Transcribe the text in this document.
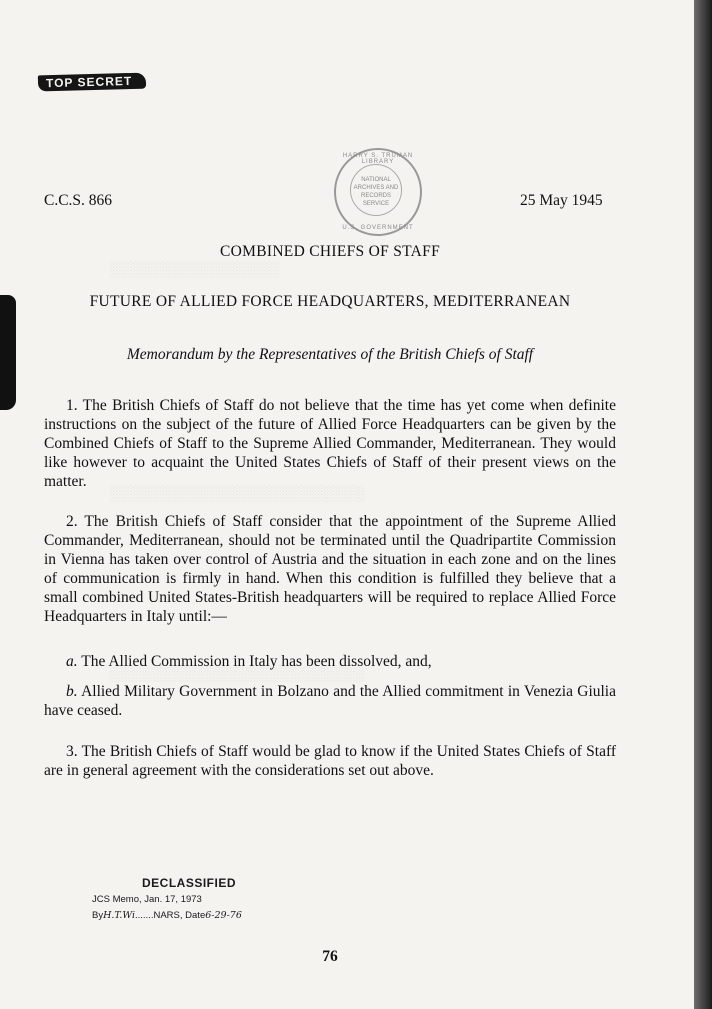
░░░░░░░░░░░░░░░░
░░░░░░░░░░░░░░░░░░░░░░░░
░░░░░░░░░░░░░░░░░░░░░░░░
TOP SECRET
HARRY S. TRUMAN LIBRARY
NATIONAL
ARCHIVES AND
RECORDS
SERVICE
U.S. GOVERNMENT
C.C.S. 866	25 May 1945
COMBINED CHIEFS OF STAFF
FUTURE OF ALLIED FORCE HEADQUARTERS, MEDITERRANEAN
Memorandum by the Representatives of the British Chiefs of Staff

1. The British Chiefs of Staff do not believe that the time has yet come when definite instructions on the subject of the future of Allied Force Headquarters can be given by the Combined Chiefs of Staff to the Supreme Allied Commander, Mediterranean. They would like however to acquaint the United States Chiefs of Staff of their present views on the matter.

2. The British Chiefs of Staff consider that the appointment of the Supreme Allied Commander, Mediterranean, should not be terminated until the Quadripartite Commission in Vienna has taken over control of Austria and the situation in each zone and on the lines of communication is firmly in hand. When this condition is fulfilled they believe that a small combined United States-British headquarters will be required to replace Allied Force Headquarters in Italy until:—

a. The Allied Commission in Italy has been dissolved, and,

b. Allied Military Government in Bolzano and the Allied commitment in Venezia Giulia have ceased.

3. The British Chiefs of Staff would be glad to know if the United States Chiefs of Staff are in general agreement with the considerations set out above.

DECLASSIFIED
JCS Memo, Jan. 17, 1973
ByH.T.Wi.......NARS, Date6-29-76
76
